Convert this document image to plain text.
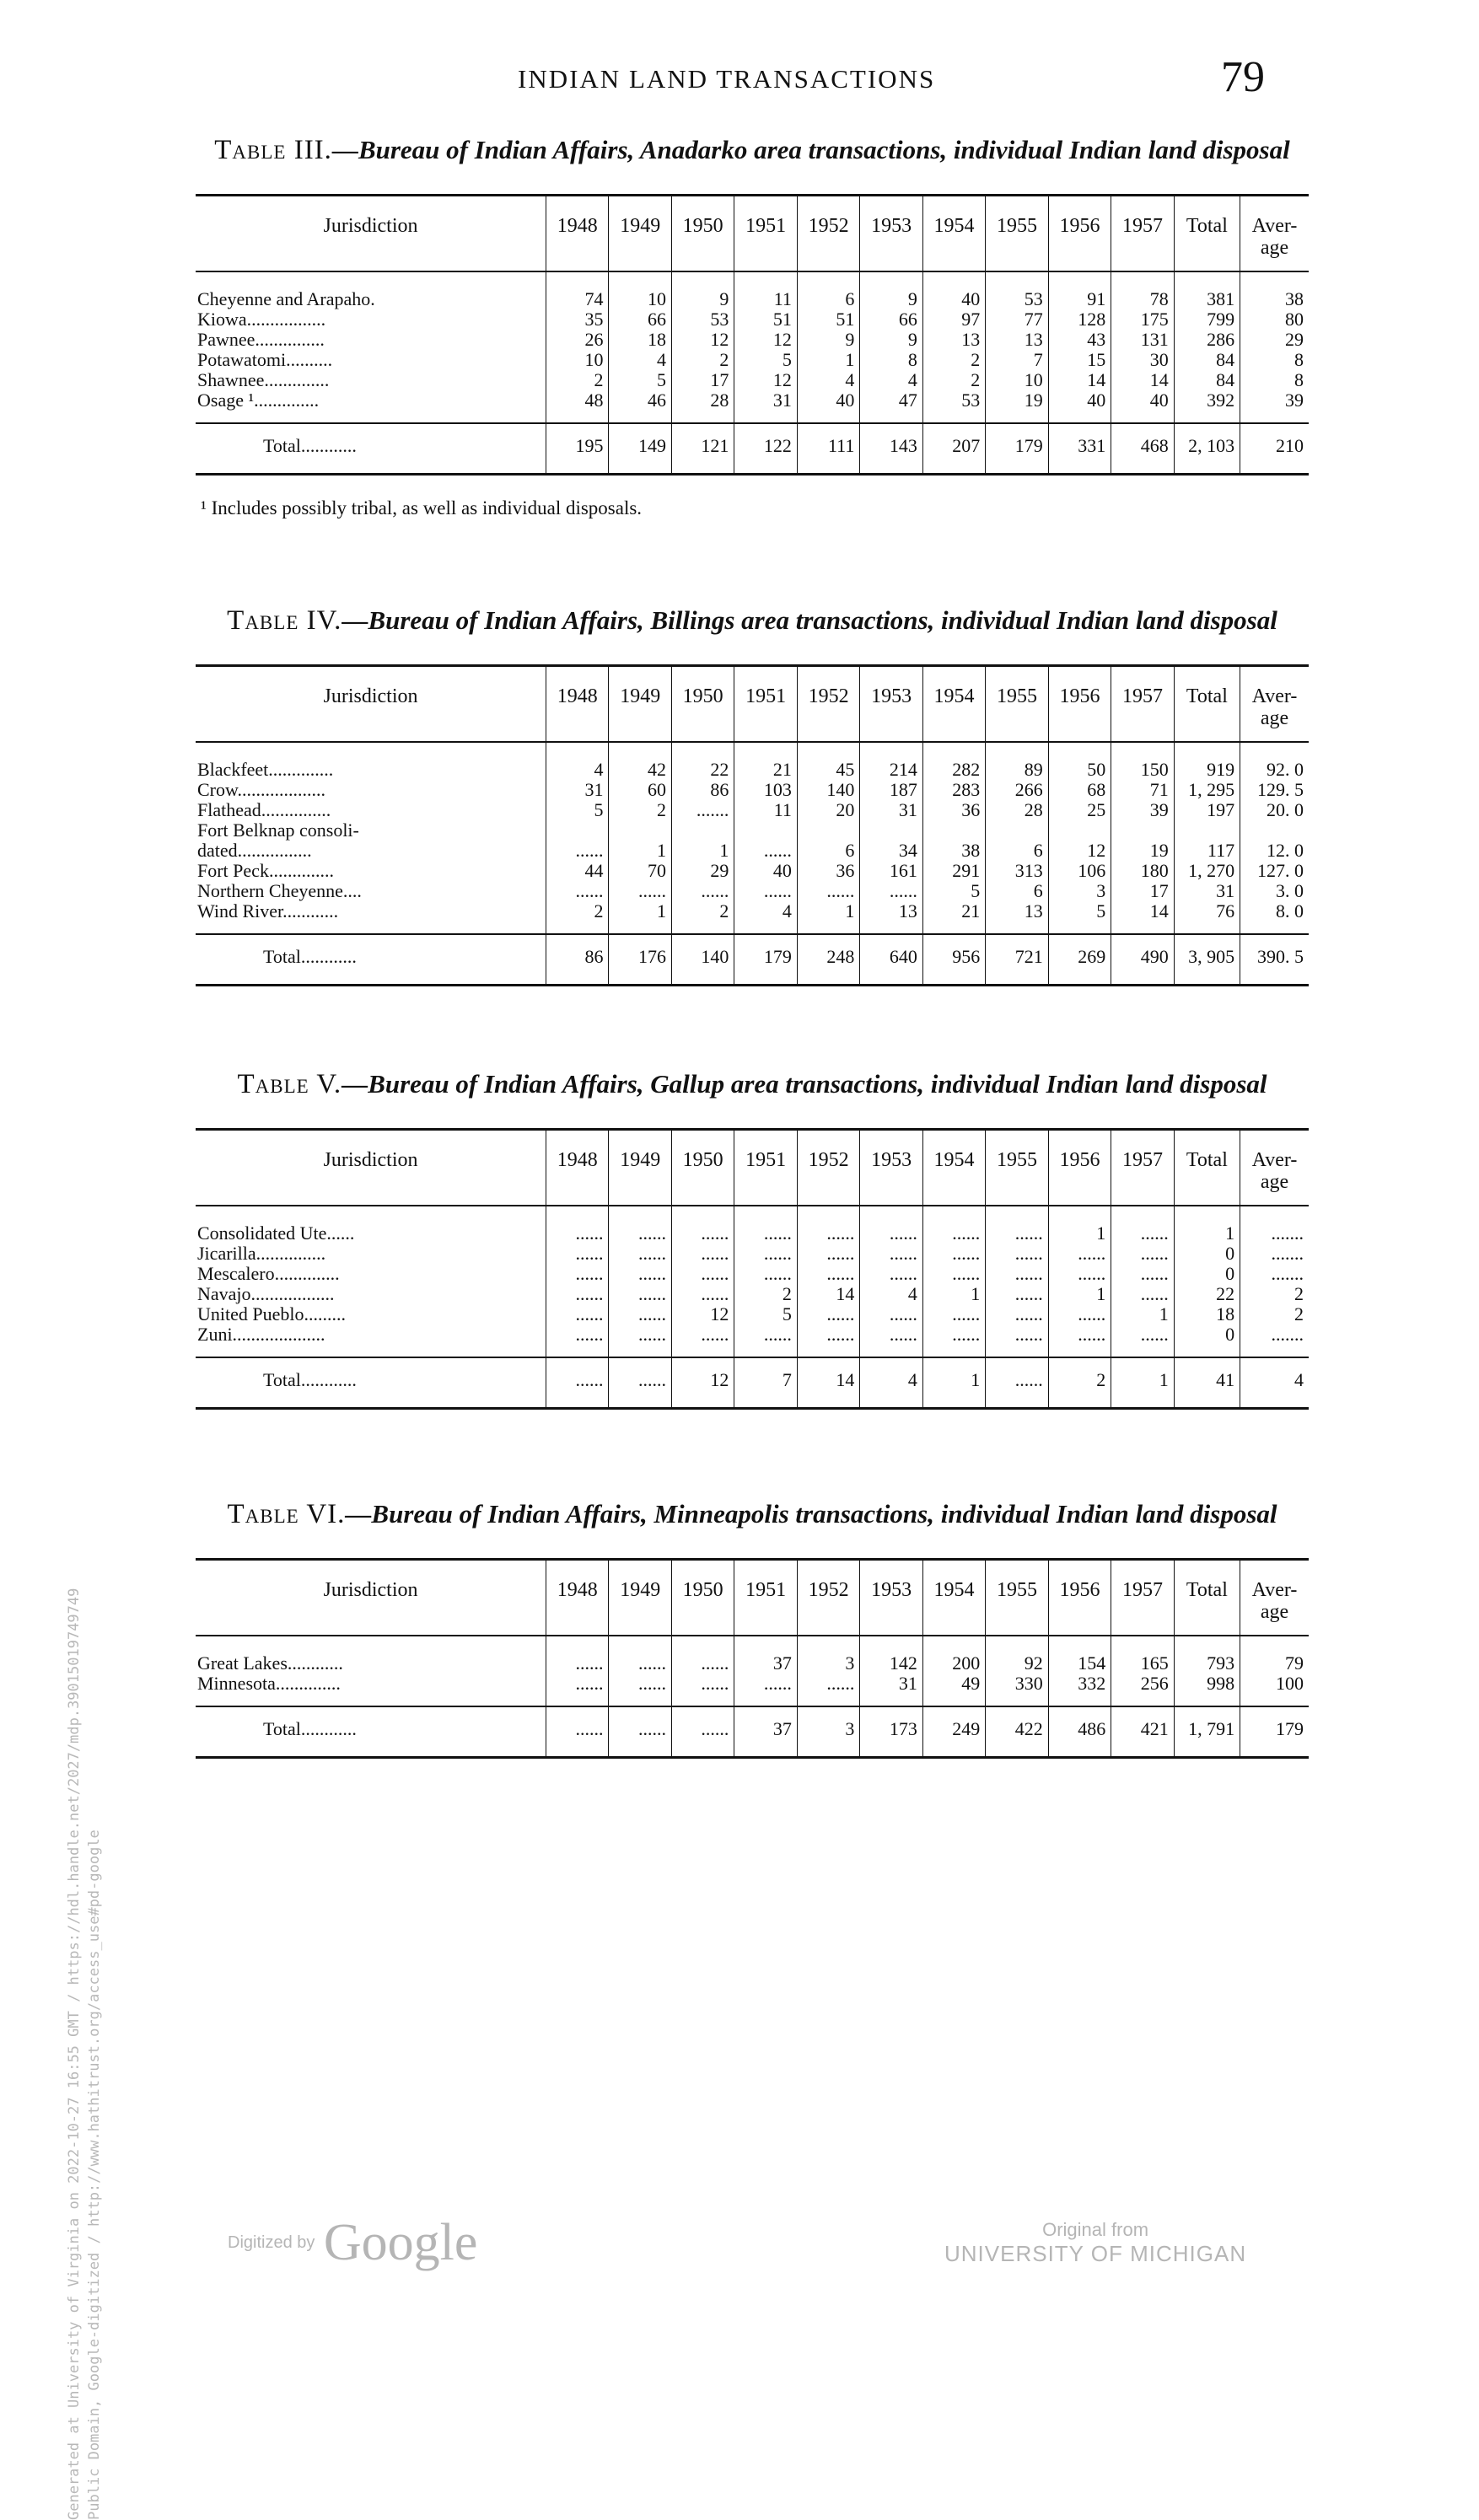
INDIAN LAND TRANSACTIONS	79
Table III.—Bureau of Indian Affairs, Anadarko area transactions, individual Indian land disposal
Jurisdiction	1948	1949	1950	1951	1952	1953	1954	1955	1956	1957	Total	Aver-
age
Cheyenne and Arapaho.	74	10	9	11	6	9	40	53	91	78	381	38
Kiowa.................	35	66	53	51	51	66	97	77	128	175	799	80
Pawnee...............	26	18	12	12	9	9	13	13	43	131	286	29
Potawatomi..........	10	4	2	5	1	8	2	7	15	30	84	8
Shawnee..............	2	5	17	12	4	4	2	10	14	14	84	8
Osage ¹..............	48	46	28	31	40	47	53	19	40	40	392	39
Total............	195	149	121	122	111	143	207	179	331	468	2, 103	210
¹ Includes possibly tribal, as well as individual disposals.
Table IV.—Bureau of Indian Affairs, Billings area transactions, individual Indian land disposal
Jurisdiction	1948	1949	1950	1951	1952	1953	1954	1955	1956	1957	Total	Aver-
age
Blackfeet..............	4	42	22	21	45	214	282	89	50	150	919	92. 0
Crow...................	31	60	86	103	140	187	283	266	68	71	1, 295	129. 5
Flathead...............	5	2	.......	11	20	31	36	28	25	39	197	20. 0
Fort Belknap consoli-												
dated................	......	1	1	......	6	34	38	6	12	19	117	12. 0
Fort Peck..............	44	70	29	40	36	161	291	313	106	180	1, 270	127. 0
Northern Cheyenne....	......	......	......	......	......	......	5	6	3	17	31	3. 0
Wind River............	2	1	2	4	1	13	21	13	5	14	76	8. 0
Total............	86	176	140	179	248	640	956	721	269	490	3, 905	390. 5
Table V.—Bureau of Indian Affairs, Gallup area transactions, individual Indian land disposal
Jurisdiction	1948	1949	1950	1951	1952	1953	1954	1955	1956	1957	Total	Aver-
age
Consolidated Ute......	......	......	......	......	......	......	......	......	1	......	1	.......
Jicarilla...............	......	......	......	......	......	......	......	......	......	......	0	.......
Mescalero..............	......	......	......	......	......	......	......	......	......	......	0	.......
Navajo..................	......	......	......	2	14	4	1	......	1	......	22	2
United Pueblo.........	......	......	12	5	......	......	......	......	......	1	18	2
Zuni....................	......	......	......	......	......	......	......	......	......	......	0	.......
Total............	......	......	12	7	14	4	1	......	2	1	41	4
Table VI.—Bureau of Indian Affairs, Minneapolis transactions, individual Indian land disposal
Jurisdiction	1948	1949	1950	1951	1952	1953	1954	1955	1956	1957	Total	Aver-
age
Great Lakes............	......	......	......	37	3	142	200	92	154	165	793	79
Minnesota..............	......	......	......	......	......	31	49	330	332	256	998	100
Total............	......	......	......	37	3	173	249	422	486	421	1, 791	179
Generated at University of Virginia on 2022-10-27 16:55 GMT / https://hdl.handle.net/2027/mdp.39015019749749 Public Domain, Google-digitized / http://www.hathitrust.org/access_use#pd-google	Digitized by Google	Original from
UNIVERSITY OF MICHIGAN
